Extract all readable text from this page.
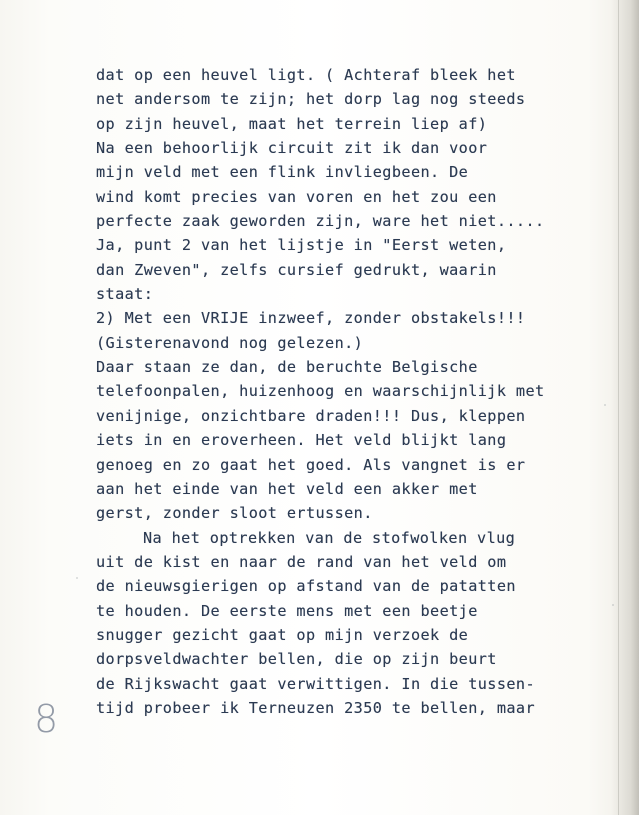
dat op een heuvel ligt. ( Achteraf bleek het
net andersom te zijn; het dorp lag nog steeds
op zijn heuvel, maat het terrein liep af)
Na een behoorlijk circuit zit ik dan voor
mijn veld met een flink invliegbeen. De
wind komt precies van voren en het zou een
perfecte zaak geworden zijn, ware het niet.....
Ja, punt 2 van het lijstje in "Eerst weten,
dan Zweven", zelfs cursief gedrukt, waarin
staat:
2) Met een VRIJE inzweef, zonder obstakels!!!
(Gisterenavond nog gelezen.)
Daar staan ze dan, de beruchte Belgische
telefoonpalen, huizenhoog en waarschijnlijk met
venijnige, onzichtbare draden!!! Dus, kleppen
iets in en eroverheen. Het veld blijkt lang
genoeg en zo gaat het goed. Als vangnet is er
aan het einde van het veld een akker met
gerst, zonder sloot ertussen.
Na het optrekken van de stofwolken vlug
uit de kist en naar de rand van het veld om
de nieuwsgierigen op afstand van de patatten
te houden. De eerste mens met een beetje
snugger gezicht gaat op mijn verzoek de
dorpsveldwachter bellen, die op zijn beurt
de Rijkswacht gaat verwittigen. In die tussen-
tijd probeer ik Terneuzen 2350 te bellen, maar
8
